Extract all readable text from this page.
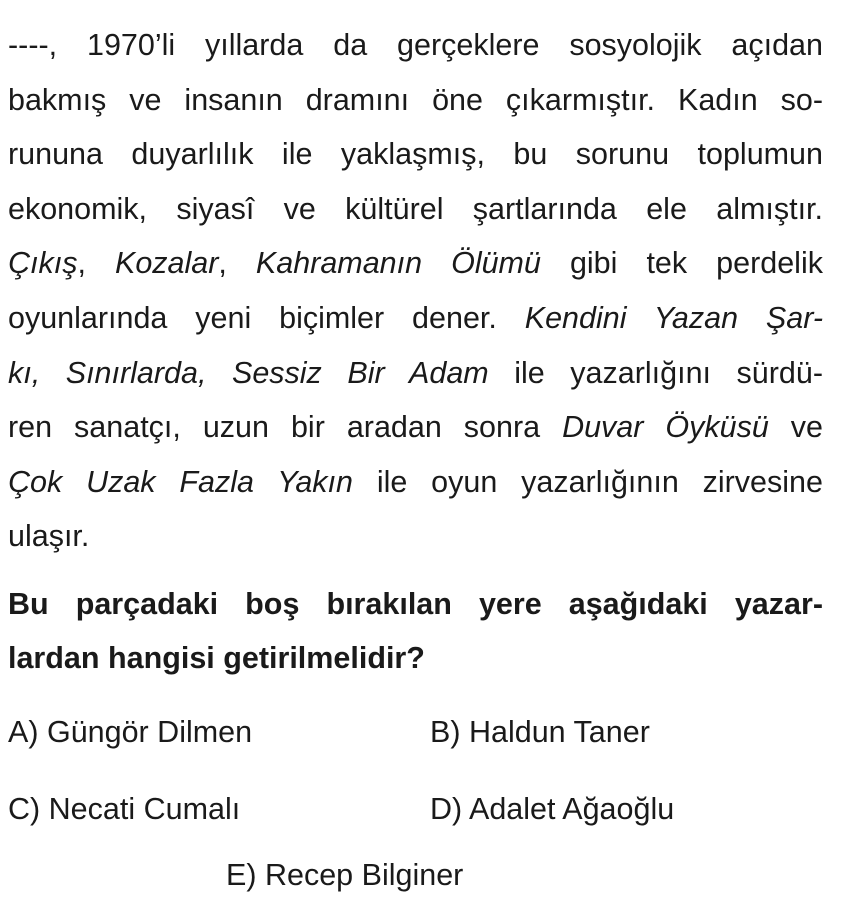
----, 1970’li yıllarda da gerçeklere sosyolojik açıdan
bakmış ve insanın dramını öne çıkarmıştır. Kadın so-
rununa duyarlılık ile yaklaşmış, bu sorunu toplumun
ekonomik, siyasî ve kültürel şartlarında ele almıştır.
Çıkış, Kozalar, Kahramanın Ölümü gibi tek perdelik
oyunlarında yeni biçimler dener. Kendini Yazan Şar-
kı, Sınırlarda, Sessiz Bir Adam ile yazarlığını sürdü-
ren sanatçı, uzun bir aradan sonra Duvar Öyküsü ve
Çok Uzak Fazla Yakın ile oyun yazarlığının zirvesine
ulaşır.
Bu parçadaki boş bırakılan yere aşağıdaki yazar-
lardan hangisi getirilmelidir?
A) Güngör Dilmen	B) Haldun Taner
C) Necati Cumalı	D) Adalet Ağaoğlu
E) Recep Bilginer
